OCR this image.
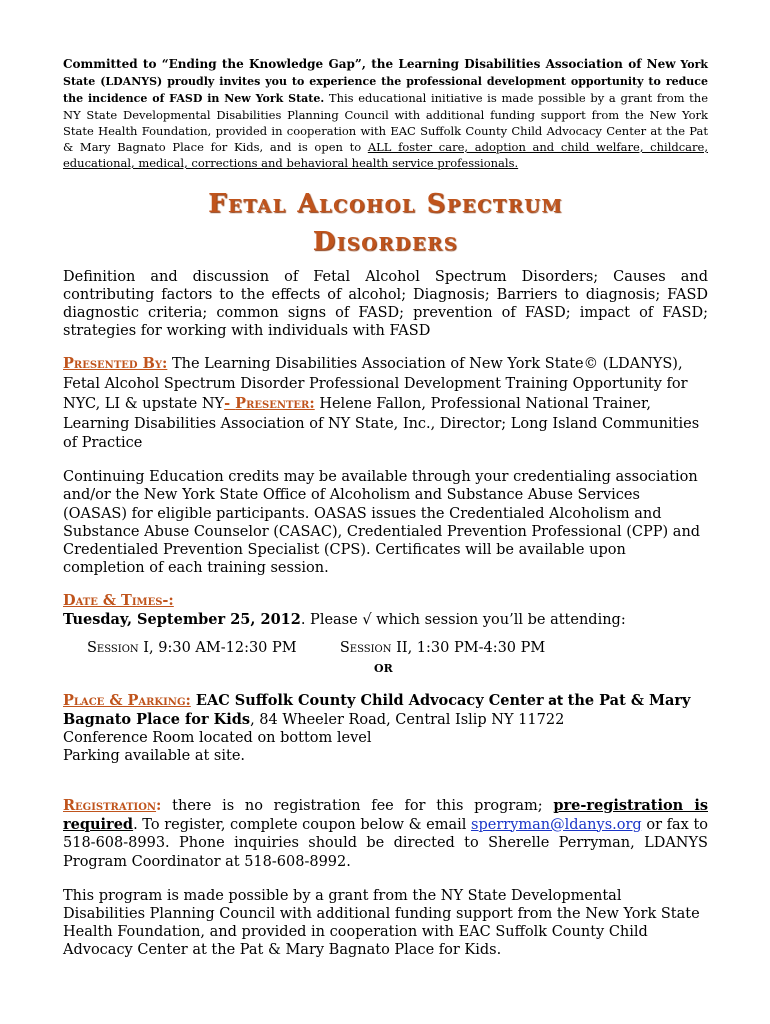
Committed to “Ending the Knowledge Gap”, the Learning Disabilities Association of New York State (LDANYS) proudly invites you to experience the professional development opportunity to reduce the incidence of FASD in New York State. This educational initiative is made possible by a grant from the NY State Developmental Disabilities Planning Council with additional funding support from the New York State Health Foundation, provided in cooperation with EAC Suffolk County Child Advocacy Center at the Pat & Mary Bagnato Place for Kids, and is open to ALL foster care, adoption and child welfare, childcare, educational, medical, corrections and behavioral health service professionals.
Fetal Alcohol Spectrum
Disorders
Definition and discussion of Fetal Alcohol Spectrum Disorders; Causes and contributing factors to the effects of alcohol; Diagnosis; Barriers to diagnosis; FASD diagnostic criteria; common signs of FASD; prevention of FASD; impact of FASD; strategies for working with individuals with FASD
Presented By: The Learning Disabilities Association of New York State© (LDANYS), Fetal Alcohol Spectrum Disorder Professional Development Training Opportunity for NYC, LI & upstate NY- Presenter: Helene Fallon, Professional National Trainer, Learning Disabilities Association of NY State, Inc., Director; Long Island Communities of Practice
Continuing Education credits may be available through your credentialing association and/or the New York State Office of Alcoholism and Substance Abuse Services (OASAS) for eligible participants. OASAS issues the Credentialed Alcoholism and Substance Abuse Counselor (CASAC), Credentialed Prevention Professional (CPP) and Credentialed Prevention Specialist (CPS). Certificates will be available upon completion of each training session.
Date & Times-:
Tuesday, September 25, 2012. Please √ which session you’ll be attending:
Session I, 9:30 AM-12:30 PM	Session II, 1:30 PM-4:30 PM
OR
Place & Parking: EAC Suffolk County Child Advocacy Center at the Pat & Mary Bagnato Place for Kids, 84 Wheeler Road, Central Islip NY 11722
Conference Room located on bottom level
Parking available at site.
Registration: there is no registration fee for this program; pre-registration is required. To register, complete coupon below & email sperryman@ldanys.org or fax to 518-608-8993. Phone inquiries should be directed to Sherelle Perryman, LDANYS Program Coordinator at 518-608-8992.
This program is made possible by a grant from the NY State Developmental Disabilities Planning Council with additional funding support from the New York State Health Foundation, and provided in cooperation with EAC Suffolk County Child Advocacy Center at the Pat & Mary Bagnato Place for Kids.
